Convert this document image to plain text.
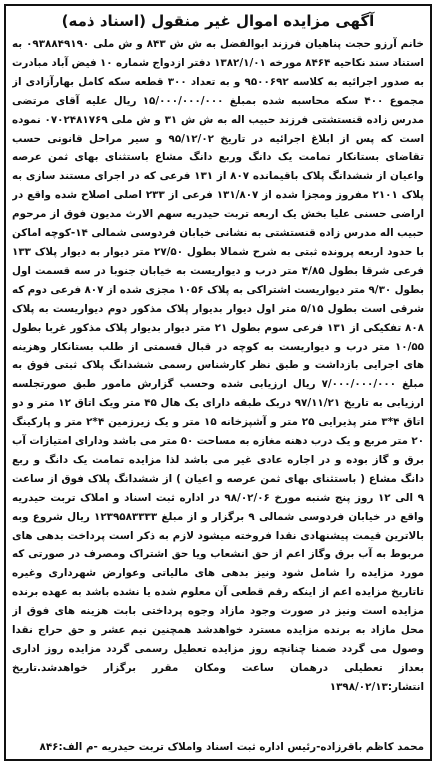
آگهی مزایده اموال غیر منقول (اسناد ذمه)

خانم آرزو حجت پناهیان فرزند ابوالفضل به ش ش ۸۴۳ و ش ملی ۰۹۳۸۸۴۹۱۹۰ به استناد سند نکاحیه ۸۴۶۴ مورخه ۱۳۸۲/۱/۰۱ دفتر ازدواج شماره ۱۰ فیض آباد مبادرت به صدور اجرائیه به کلاسه ۹۵۰۰۶۹۲ و به تعداد ۳۰۰ قطعه سکه کامل بهارآزادی از مجموع ۴۰۰ سکه محاسبه شده بمبلغ ۱۵/۰۰۰/۰۰۰/۰۰۰ ریال علیه آقای مرتضی مدرس زاده قنستشتی فرزند حبیب اله به ش ش ۳۱ و ش ملی ۰۷۰۲۴۸۱۷۶۹ نموده است که پس از ابلاغ اجرائیه در تاریخ ۹۵/۱۲/۰۲ و سیر مراحل قانونی حسب تقاضای بستانکار تمامت یک دانگ وربع دانگ مشاع باستثنای بهای ثمن عرصه واعیان از ششدانگ پلاک باقیمانده ۸۰۷ از ۱۳۱ فرعی که در اجرای مستند سازی به پلاک ۲۱۰۱ مفروز ومجزا شده از ۱۳۱/۸۰۷ فرعی از ۲۳۳ اصلی اصلاح شده واقع در اراضی حسنی علیا بخش یک اربعه تربت حیدریه سهم الارث مدیون فوق از مرحوم حبیب اله مدرس زاده قنستشتی به نشانی خیابان فردوسی شمالی ۱۴-کوچه اماکن با حدود اربعه پرونده ثبتی به شرح شمالا بطول ۲۷/۵۰ متر دیوار به دیوار پلاک ۱۳۳ فرعی شرقا بطول ۴/۸۵ متر درب و دیواریست به خیابان جنوبا در سه قسمت اول بطول ۹/۳۰ متر دیواریست اشتراکی به پلاک ۱۰۵۶ مجزی شده از ۸۰۷ فرعی دوم که شرقی است بطول ۵/۱۵ متر اول دیوار بدیوار پلاک مذکور دوم دیواریست به پلاک ۸۰۸ تفکیکی از ۱۳۱ فرعی سوم بطول ۲۱ متر دیوار بدیوار پلاک مذکور غربا بطول ۱۰/۵۵ متر درب و دیواریست به کوچه در قبال قسمتی از طلب بستانکار وهزینه های اجرایی بازداشت و طبق نظر کارشناس رسمی ششدانگ پلاک ثبتی فوق به مبلغ ۷/۰۰۰/۰۰۰/۰۰۰ ریال ارزیابی شده وحسب گزارش مامور طبق صورتجلسه ارزیابی به تاریخ ۹۷/۱۱/۲۱ دربک طبقه دارای یک هال ۴۵ متر ویک اتاق ۱۲ متر و دو اتاق ۴*۳ متر پذیرایی ۲۵ متر و آشپزخانه ۱۵ متر و یک زیرزمین ۴*۲ متر و پارکینگ ۲۰ متر مربع و یک درب دهنه مغازه به مساحت ۵۰ متر می باشد ودارای امتیازات آب برق و گاز بوده و در اجاره عادی غیر می باشد لذا مزایده تمامت یک دانگ و ربع دانگ مشاع ( باستثنای بهای ثمن عرصه و اعیان ) از ششدانگ پلاک فوق از ساعت ۹ الی ۱۲ روز پنج شنبه مورخ ۹۸/۰۲/۰۶ در اداره ثبت اسناد و املاک تربت حیدریه واقع در خیابان فردوسی شمالی ۹ برگزار و از مبلغ ۱۲۳۹۵۸۳۳۳۳ ریال شروع وبه بالاترین قیمت پیشنهادی نقدا فروخته میشود لازم به ذکر است پرداخت بدهی های مربوط به آب برق وگاز اعم از حق انشعاب ویا حق اشتراک ومصرف در صورتی که مورد مزایده را شامل شود ونیز بدهی های مالیاتی وعوارض شهرداری وغیره تاتاریخ مزایده اعم از اینکه رقم قطعی آن معلوم شده یا نشده باشد به عهده برنده مزایده است ونیز در صورت وجود مازاد وجوه پرداختی بابت هزینه های فوق از محل مازاد به برنده مزایده مسترد خواهدشد همچنین نیم عشر و حق حراج نقدا وصول می گردد ضمنا چنانچه روز مزایده تعطیل رسمی گردد مزایده روز اداری بعداز تعطیلی درهمان ساعت ومکان مقرر برگزار خواهدشد.تاریخ انتشار:۱۳۹۸/۰۲/۱۳

محمد کاظم باقرزاده-رئیس اداره ثبت اسناد واملاک تربت حیدریه -م الف:۸۴۶
